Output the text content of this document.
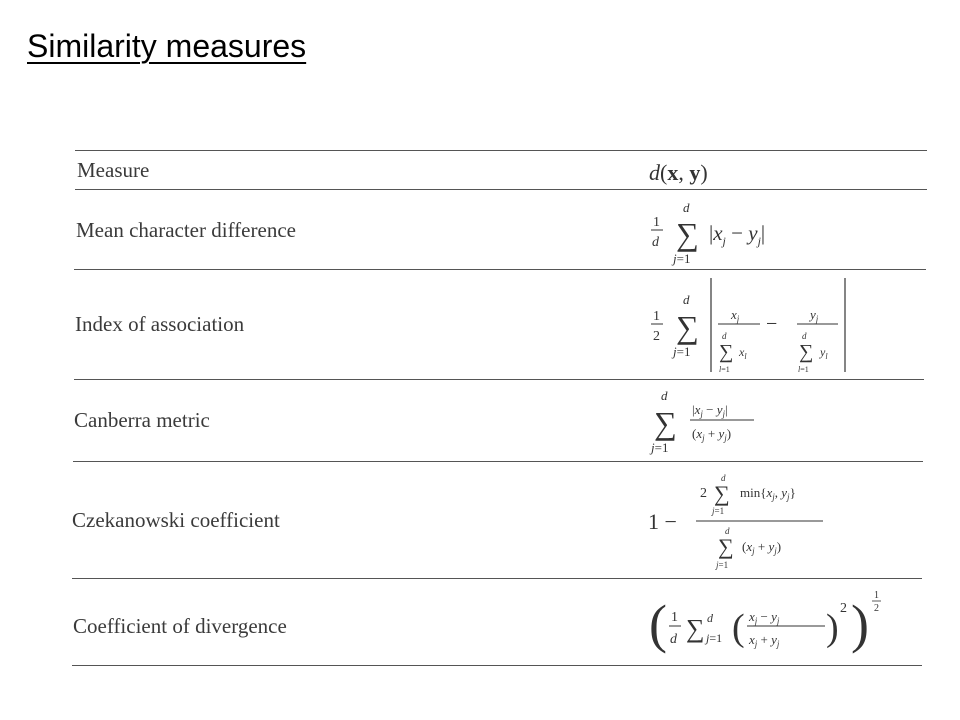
Similarity measures
Measure
Mean character difference
Index of association
Canberra metric
Czekanowski coefficient
Coefficient of divergence
d(x, y)
1
d
d
∑
j=1
$|x_j - y_j|$
1
2
d
∑
j=1
$x_j$
d
∑ $x_l$
l=1
−	$y_j$
d
∑ $y_l$
l=1
d
∑
j=1
$|x_j - y_j|$
$(x_j + y_j)$
1 −
2
d
∑
j=1
$\min\{x_j$, $y_j$}
d
∑
j=1
$(x_j + y_j)$
( 1
d ∑ d
j=1 ( $x_j - y_j$
$x_j + y_j$ ) 2 ) 1
2
